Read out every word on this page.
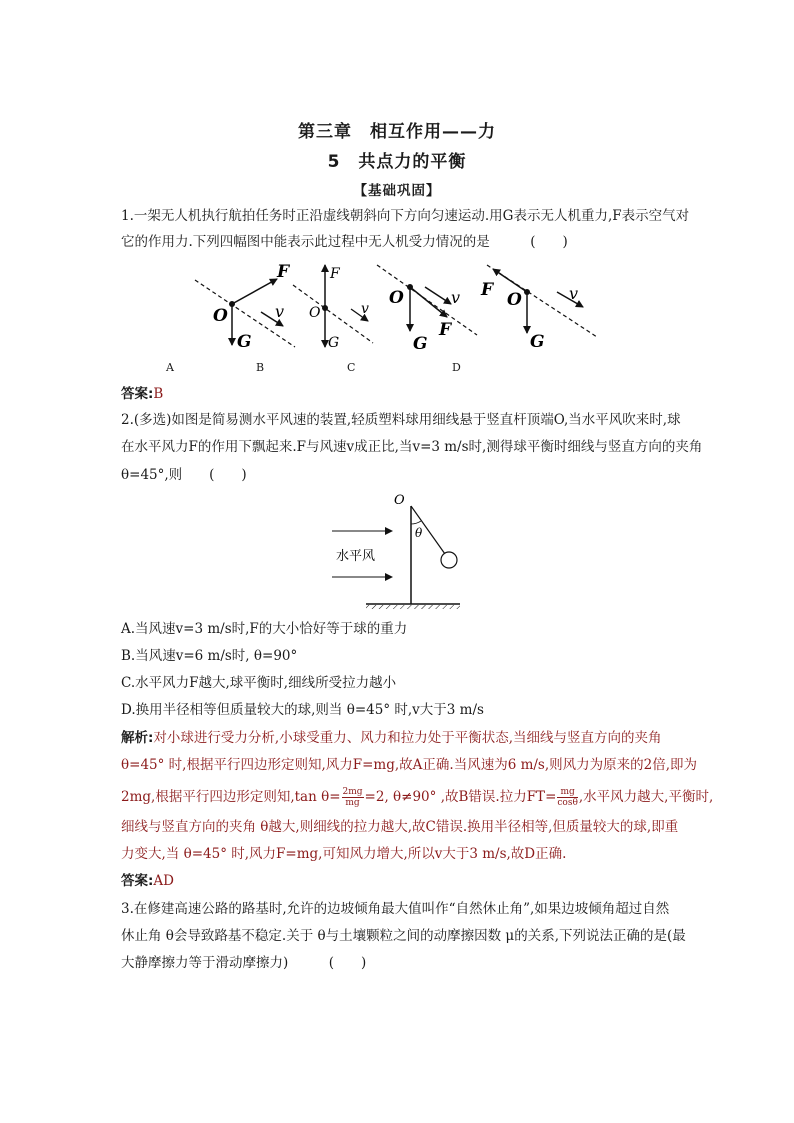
第三章　相互作用——力
5　共点力的平衡
【基础巩固】
1.一架无人机执行航拍任务时正沿虚线朝斜向下方向匀速运动.用G表示无人机重力,F表示空气对
它的作用力.下列四幅图中能表示此过程中无人机受力情况的是　　　(　　)
F
O
G
v
F
O
G
v
O
F
G
v F O
G
v
A	B	C	D
答案:B
2.(多选)如图是简易测水平风速的装置,轻质塑料球用细线悬于竖直杆顶端O,当水平风吹来时,球
在水平风力F的作用下飘起来.F与风速v成正比,当v=3 m/s时,测得球平衡时细线与竖直方向的夹角
θ=45°,则　　(　　)
O
θ
水平风
A.当风速v=3 m/s时,F的大小恰好等于球的重力
B.当风速v=6 m/s时, θ=90°
C.水平风力F越大,球平衡时,细线所受拉力越小
D.换用半径相等但质量较大的球,则当 θ=45° 时,v大于3 m/s
解析:对小球进行受力分析,小球受重力、风力和拉力处于平衡状态,当细线与竖直方向的夹角
θ=45° 时,根据平行四边形定则知,风力F=mg,故A正确.当风速为6 m/s,则风力为原来的2倍,即为
2mg,根据平行四边形定则知,tan $\theta= \frac{2mg}{mg} =2$, θ≠90° ,故B错误.拉力$FT= \frac{mg}{\cos\theta}$ ,水平风力越大,平衡时,
细线与竖直方向的夹角 θ越大,则细线的拉力越大,故C错误.换用半径相等,但质量较大的球,即重
力变大,当 θ=45° 时,风力F=mg,可知风力增大,所以v大于3 m/s,故D正确.
答案:AD
3.在修建高速公路的路基时,允许的边坡倾角最大值叫作“自然休止角”,如果边坡倾角超过自然
休止角 θ会导致路基不稳定.关于 θ与土壤颗粒之间的动摩擦因数 μ的关系,下列说法正确的是(最
大静摩擦力等于滑动摩擦力)　　　(　　)
